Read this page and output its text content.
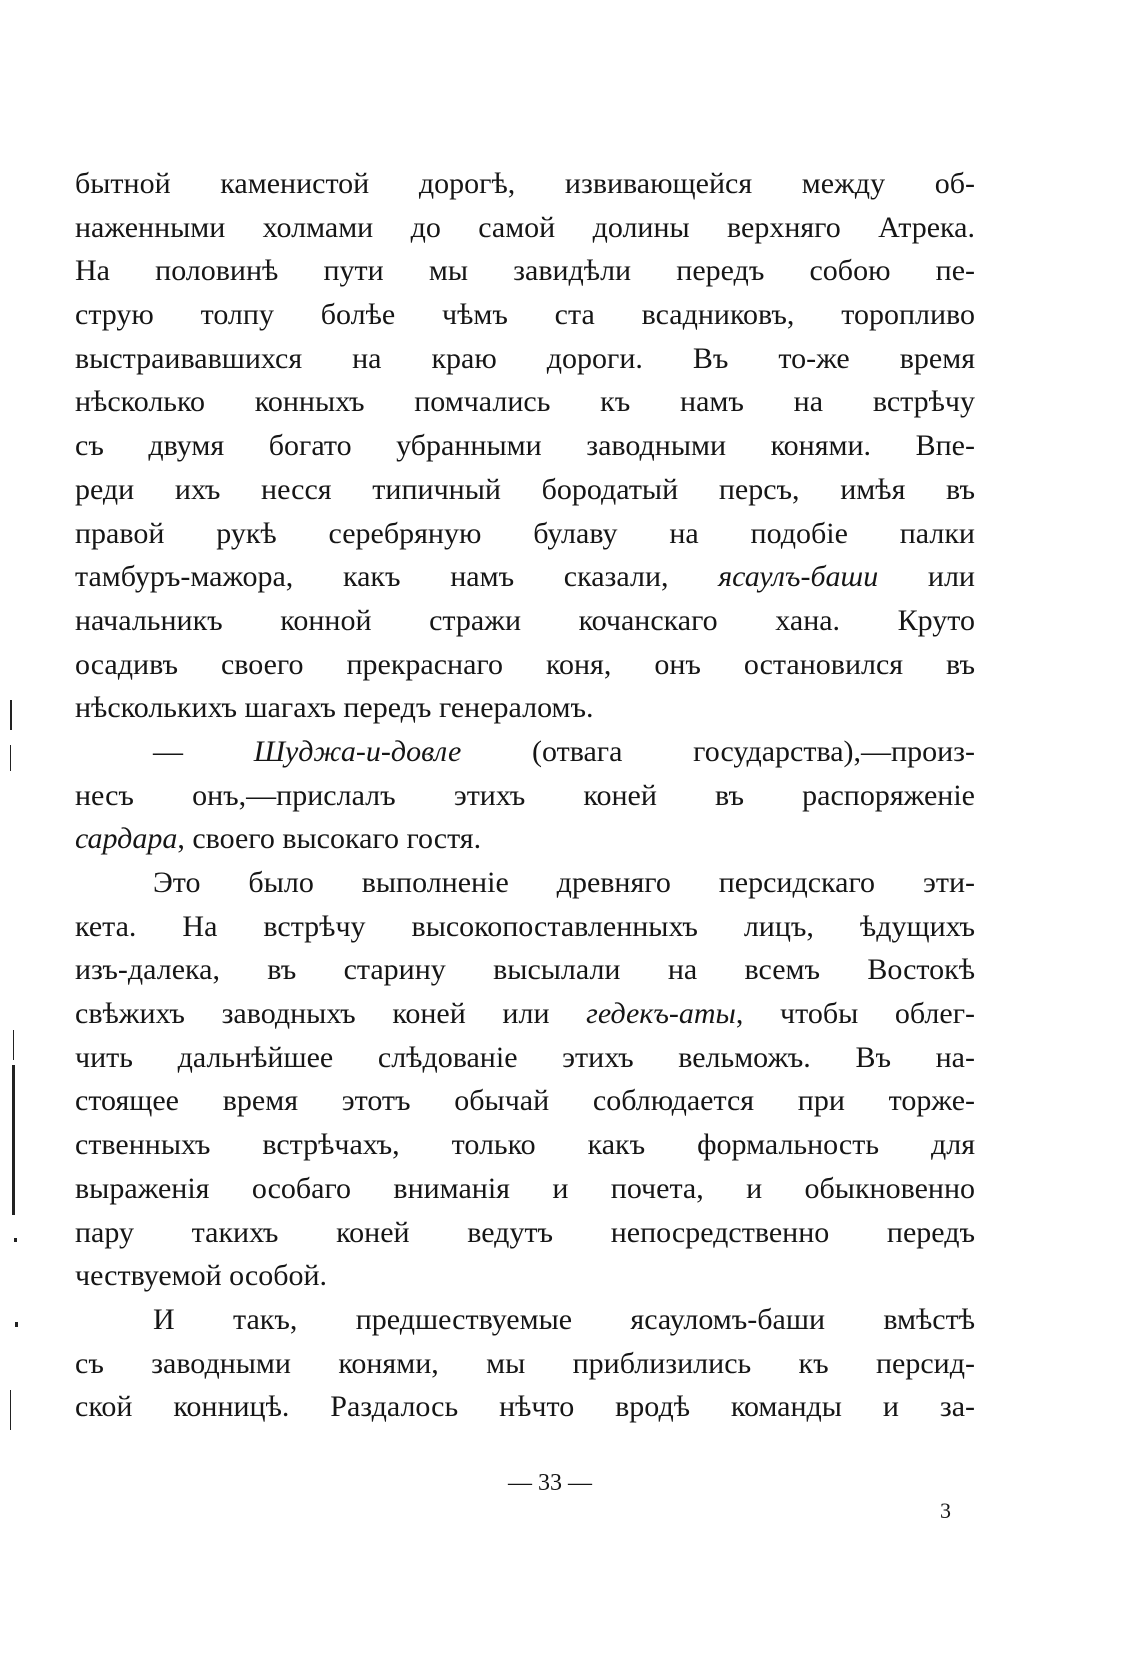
бытной каменистой дорогѣ, извивающейся между об-
наженными холмами до самой долины верхняго Атрека.
На половинѣ пути мы завидѣли передъ собою пе-
струю толпу болѣе чѣмъ ста всадниковъ, торопливо
выстраивавшихся на краю дороги. Въ то-же время
нѣсколько конныхъ помчались къ намъ на встрѣчу
съ двумя богато убранными заводными конями. Впе-
реди ихъ несся типичный бородатый персъ, имѣя въ
правой рукѣ серебряную булаву на подобіе палки
тамбуръ-мажора, какъ намъ сказали, ясаулъ-баши или
начальникъ конной стражи кочанскаго хана. Круто
осадивъ своего прекраснаго коня, онъ остановился въ
нѣсколькихъ шагахъ передъ генераломъ.
— Шуджа-и-довле (отвага государства),—произ-
несъ онъ,—прислалъ этихъ коней въ распоряженіе
сардара, своего высокаго гостя.
Это было выполненіе древняго персидскаго эти-
кета. На встрѣчу высокопоставленныхъ лицъ, ѣдущихъ
изъ-далека, въ старину высылали на всемъ Востокѣ
свѣжихъ заводныхъ коней или гедекъ-аты, чтобы облег-
чить дальнѣйшее слѣдованіе этихъ вельможъ. Въ на-
стоящее время этотъ обычай соблюдается при торже-
ственныхъ встрѣчахъ, только какъ формальность для
выраженія особаго вниманія и почета, и обыкновенно
пару такихъ коней ведутъ непосредственно передъ
чествуемой особой.
И такъ, предшествуемые ясауломъ-баши вмѣстѣ
съ заводными конями, мы приблизились къ персид-
ской конницѣ. Раздалось нѣчто вродѣ команды и за-
— 33 —
3
